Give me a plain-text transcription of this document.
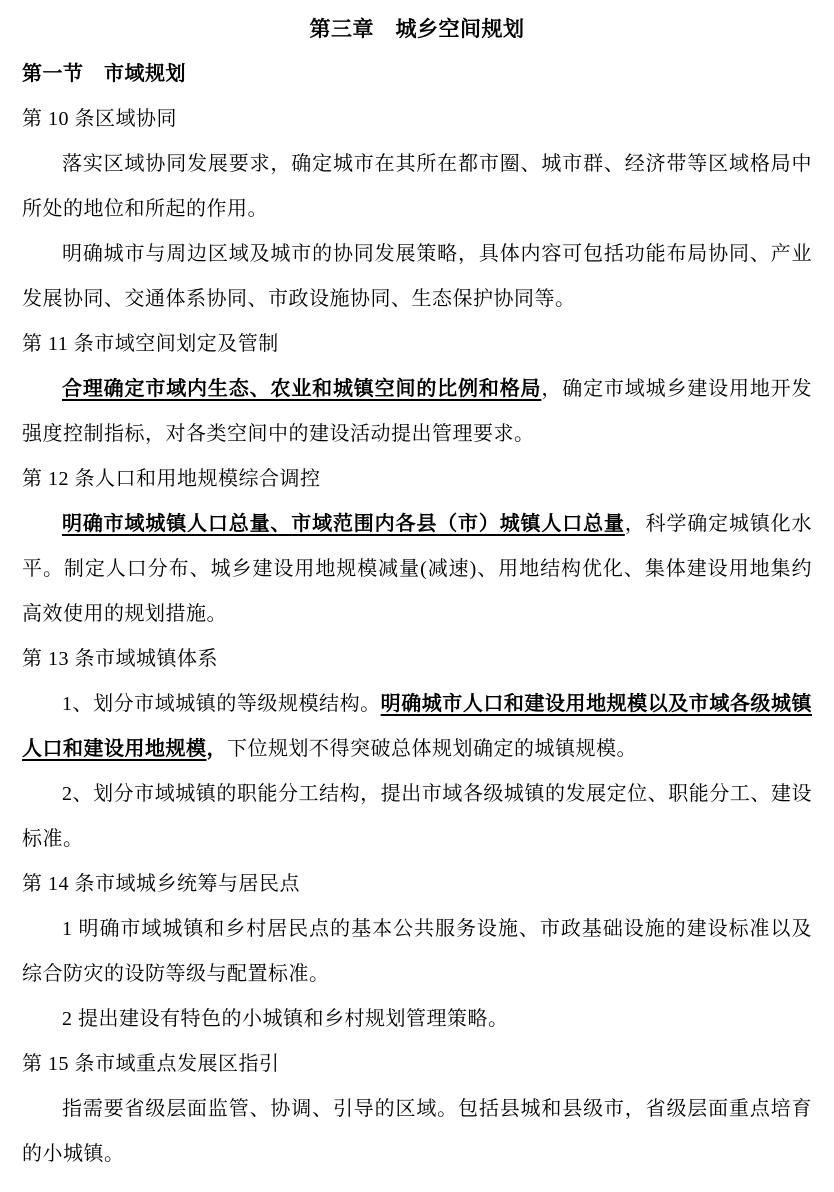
第三章　城乡空间规划
第一节　市域规划
第 10 条区域协同
落实区域协同发展要求，确定城市在其所在都市圈、城市群、经济带等区域格局中所处的地位和所起的作用。
明确城市与周边区域及城市的协同发展策略，具体内容可包括功能布局协同、产业发展协同、交通体系协同、市政设施协同、生态保护协同等。
第 11 条市域空间划定及管制
合理确定市域内生态、农业和城镇空间的比例和格局，确定市域城乡建设用地开发强度控制指标，对各类空间中的建设活动提出管理要求。
第 12 条人口和用地规模综合调控
明确市域城镇人口总量、市域范围内各县（市）城镇人口总量，科学确定城镇化水平。制定人口分布、城乡建设用地规模减量(减速)、用地结构优化、集体建设用地集约高效使用的规划措施。
第 13 条市域城镇体系
1、划分市域城镇的等级规模结构。明确城市人口和建设用地规模以及市域各级城镇人口和建设用地规模，下位规划不得突破总体规划确定的城镇规模。
2、划分市域城镇的职能分工结构，提出市域各级城镇的发展定位、职能分工、建设标准。
第 14 条市域城乡统筹与居民点
1 明确市域城镇和乡村居民点的基本公共服务设施、市政基础设施的建设标准以及综合防灾的设防等级与配置标准。
2 提出建设有特色的小城镇和乡村规划管理策略。
第 15 条市域重点发展区指引
指需要省级层面监管、协调、引导的区域。包括县城和县级市，省级层面重点培育的小城镇。
